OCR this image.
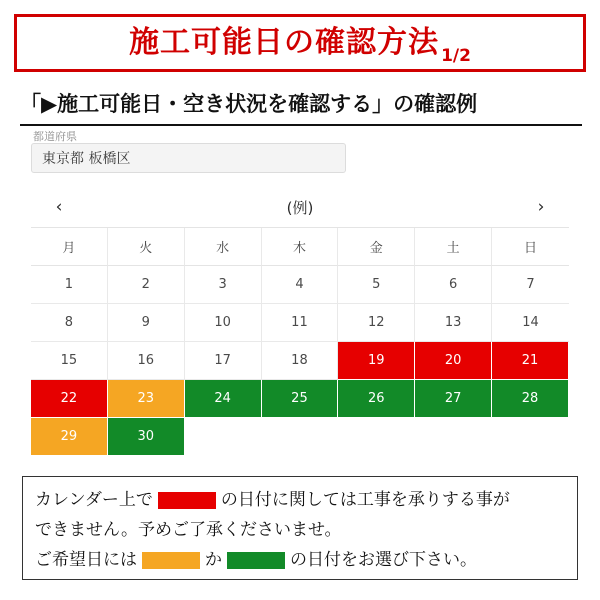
施工可能日の確認方法 1/2
「▶施工可能日・空き状況を確認する」の確認例
都道府県
東京都 板橋区
‹	(例)	›
月	火	水	木	金	土	日
1	2	3	4	5	6	7
8	9	10	11	12	13	14
15	16	17	18	19	20	21
22	23	24	25	26	27	28
29	30
カレンダー上で	の日付に関しては工事を承りする事が
できません。予めご了承くださいませ。
ご希望日には	か	の日付をお選び下さい。
